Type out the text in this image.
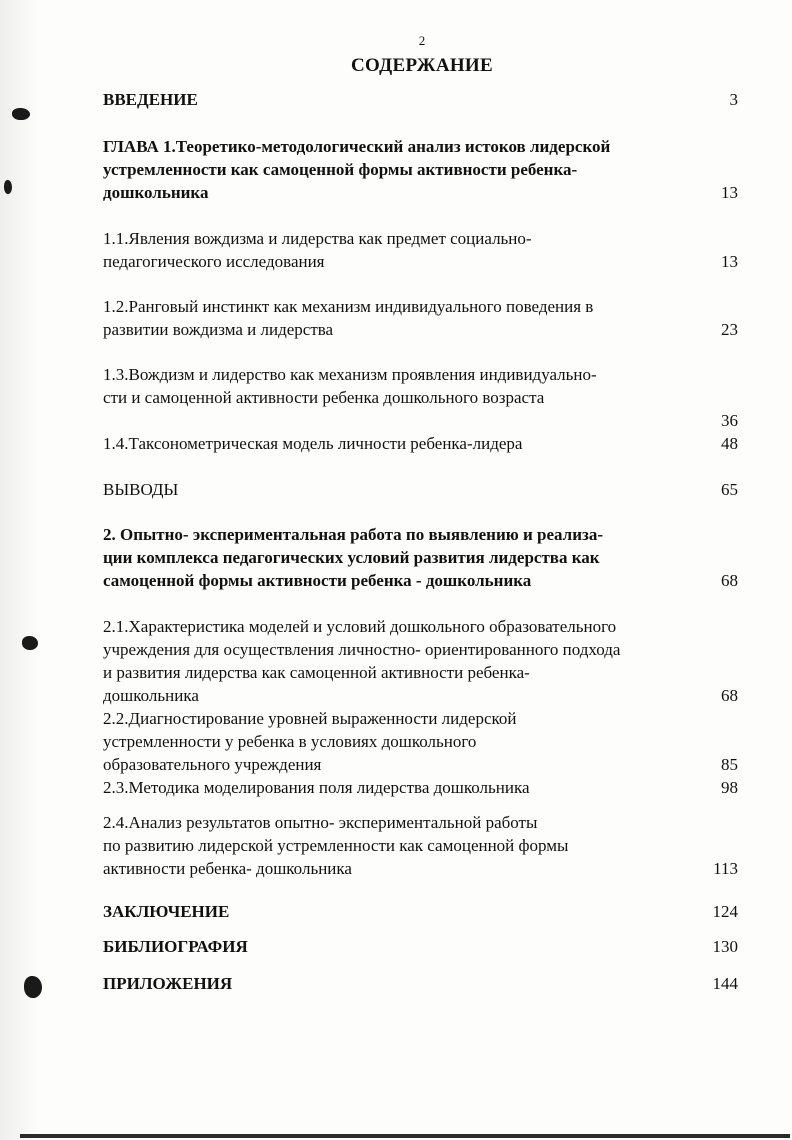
2
СОДЕРЖАНИЕ
ВВЕДЕНИЕ	3
ГЛАВА 1.Теоретико-методологический анализ истоков лидерской
устремленности как самоценной формы активности ребенка-
дошкольника	13
1.1.Явления вождизма и лидерства как предмет социально-
педагогического исследования	13
1.2.Ранговый инстинкт как механизм индивидуального поведения в
развитии вождизма и лидерства	23
1.3.Вождизм и лидерство как механизм проявления индивидуально-
сти и самоценной активности ребенка дошкольного возраста
36
1.4.Таксонометрическая модель личности ребенка-лидера	48
ВЫВОДЫ	65
2. Опытно- экспериментальная работа по выявлению и реализа-
ции комплекса педагогических условий развития лидерства как
самоценной формы активности ребенка - дошкольника	68
2.1.Характеристика моделей и условий дошкольного образовательного
учреждения для осуществления личностно- ориентированного подхода
и развития лидерства как самоценной активности ребенка-
дошкольника	68
2.2.Диагностирование уровней выраженности лидерской
устремленности у ребенка в условиях дошкольного
образовательного учреждения	85
2.3.Методика моделирования поля лидерства дошкольника	98
2.4.Анализ результатов опытно- экспериментальной работы
по развитию лидерской устремленности как самоценной формы
активности ребенка- дошкольника	113
ЗАКЛЮЧЕНИЕ	124
БИБЛИОГРАФИЯ	130
ПРИЛОЖЕНИЯ	144
